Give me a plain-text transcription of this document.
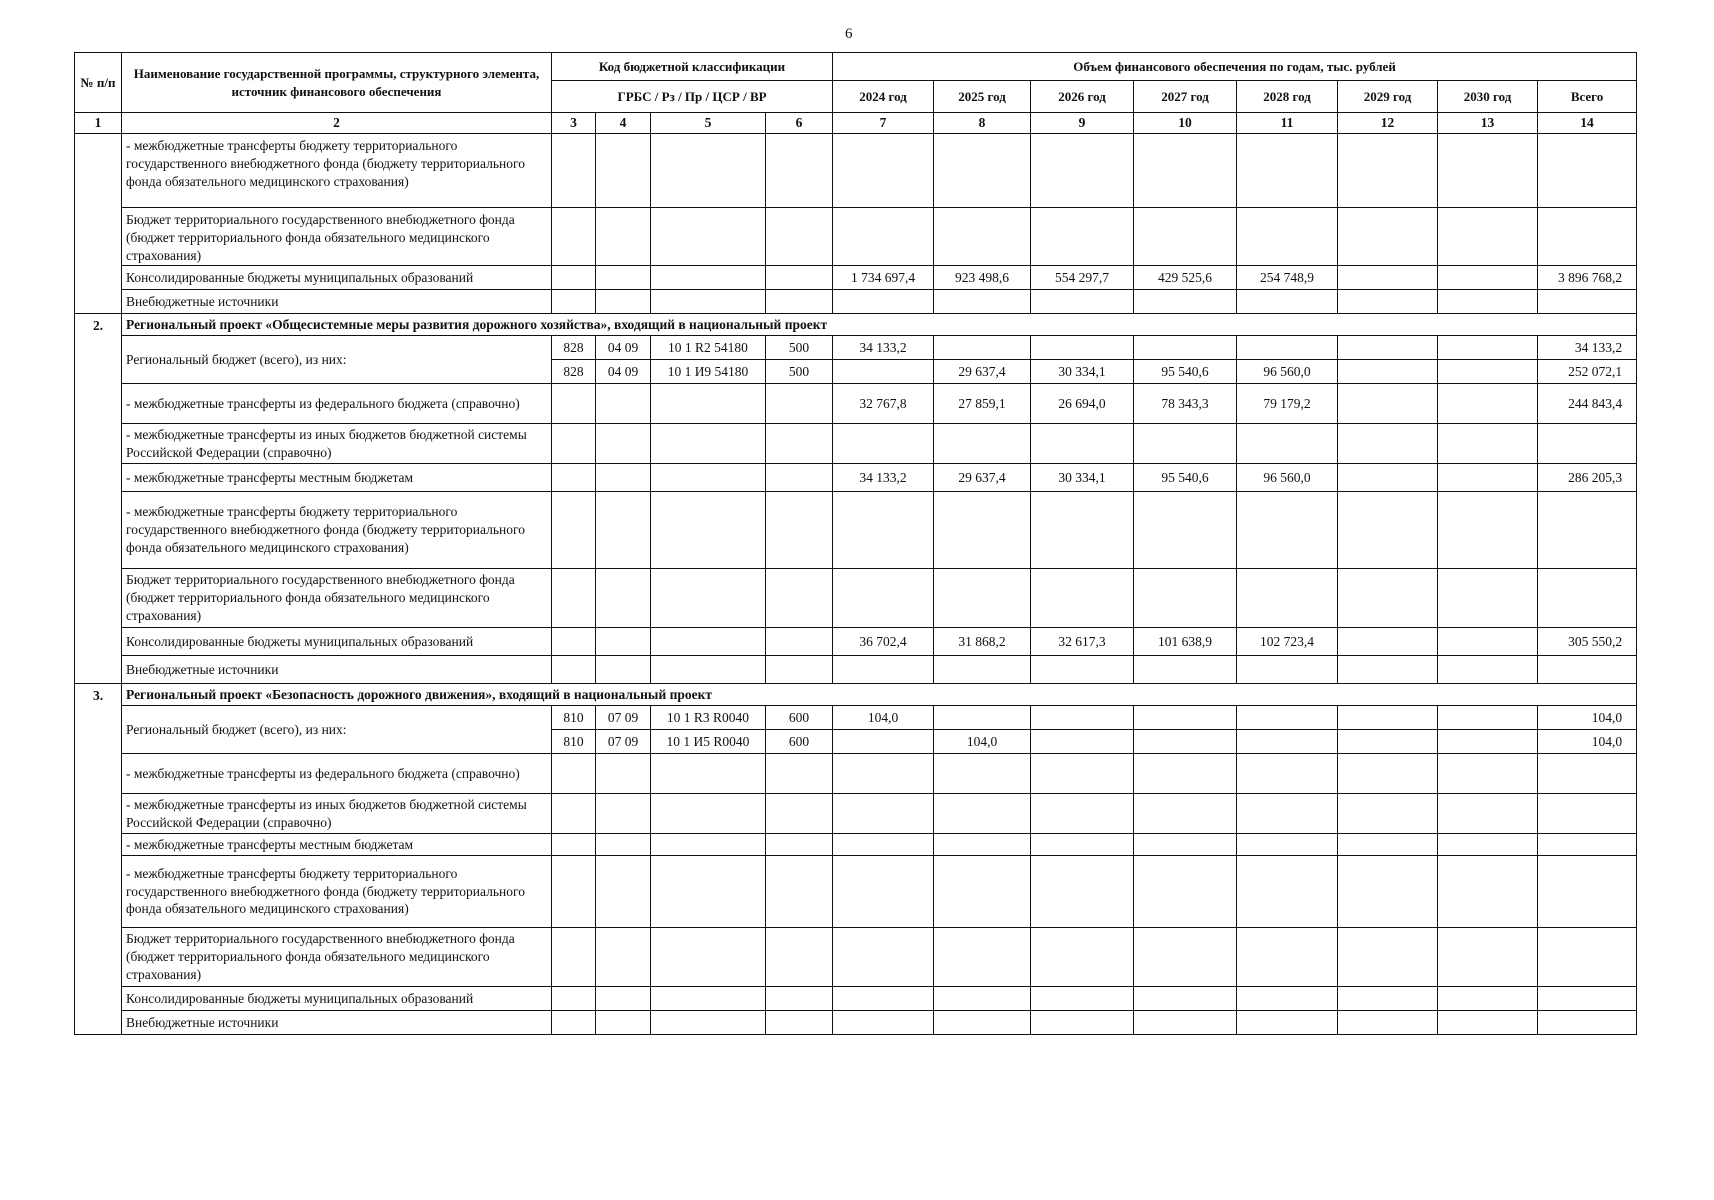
6
№ п/п	Наименование государственной программы, структурного элемента, источник финансового обеспечения	Код бюджетной классификации				Объем финансового обеспечения по годам, тыс. рублей							
		ГРБС / Рз / Пр / ЦСР / ВР				2024 год	2025 год	2026 год	2027 год	2028 год	2029 год	2030 год	Всего
1	2	3	4	5	6	7	8	9	10	11	12	13	14
	- межбюджетные трансферты бюджету территориального государственного внебюджетного фонда (бюджету территориального фонда обязательного медицинского страхования)												
	Бюджет территориального государственного внебюджетного фонда (бюджет территориального фонда обязательного медицинского страхования)												
	Консолидированные бюджеты муниципальных образований					1 734 697,4	923 498,6	554 297,7	429 525,6	254 748,9			3 896 768,2
	Внебюджетные источники												
2.	Региональный проект «Общесистемные меры развития дорожного хозяйства», входящий в национальный проект												
	Региональный бюджет (всего), из них:	828	04 09	10 1 R2 54180	500	34 133,2							34 133,2
		828	04 09	10 1 И9 54180	500		29 637,4	30 334,1	95 540,6	96 560,0			252 072,1
	- межбюджетные трансферты из федерального бюджета (справочно)					32 767,8	27 859,1	26 694,0	78 343,3	79 179,2			244 843,4
	- межбюджетные трансферты из иных бюджетов бюджетной системы Российской Федерации (справочно)												
	- межбюджетные трансферты местным бюджетам					34 133,2	29 637,4	30 334,1	95 540,6	96 560,0			286 205,3
	- межбюджетные трансферты бюджету территориального государственного внебюджетного фонда (бюджету территориального фонда обязательного медицинского страхования)												
	Бюджет территориального государственного внебюджетного фонда (бюджет территориального фонда обязательного медицинского страхования)												
	Консолидированные бюджеты муниципальных образований					36 702,4	31 868,2	32 617,3	101 638,9	102 723,4			305 550,2
	Внебюджетные источники												
3.	Региональный проект «Безопасность дорожного движения», входящий в национальный проект												
	Региональный бюджет (всего), из них:	810	07 09	10 1 R3 R0040	600	104,0							104,0
		810	07 09	10 1 И5 R0040	600		104,0						104,0
	- межбюджетные трансферты из федерального бюджета (справочно)												
	- межбюджетные трансферты из иных бюджетов бюджетной системы Российской Федерации (справочно)												
	- межбюджетные трансферты местным бюджетам												
	- межбюджетные трансферты бюджету территориального государственного внебюджетного фонда (бюджету территориального фонда обязательного медицинского страхования)												
	Бюджет территориального государственного внебюджетного фонда (бюджет территориального фонда обязательного медицинского страхования)												
	Консолидированные бюджеты муниципальных образований												
	Внебюджетные источники												
